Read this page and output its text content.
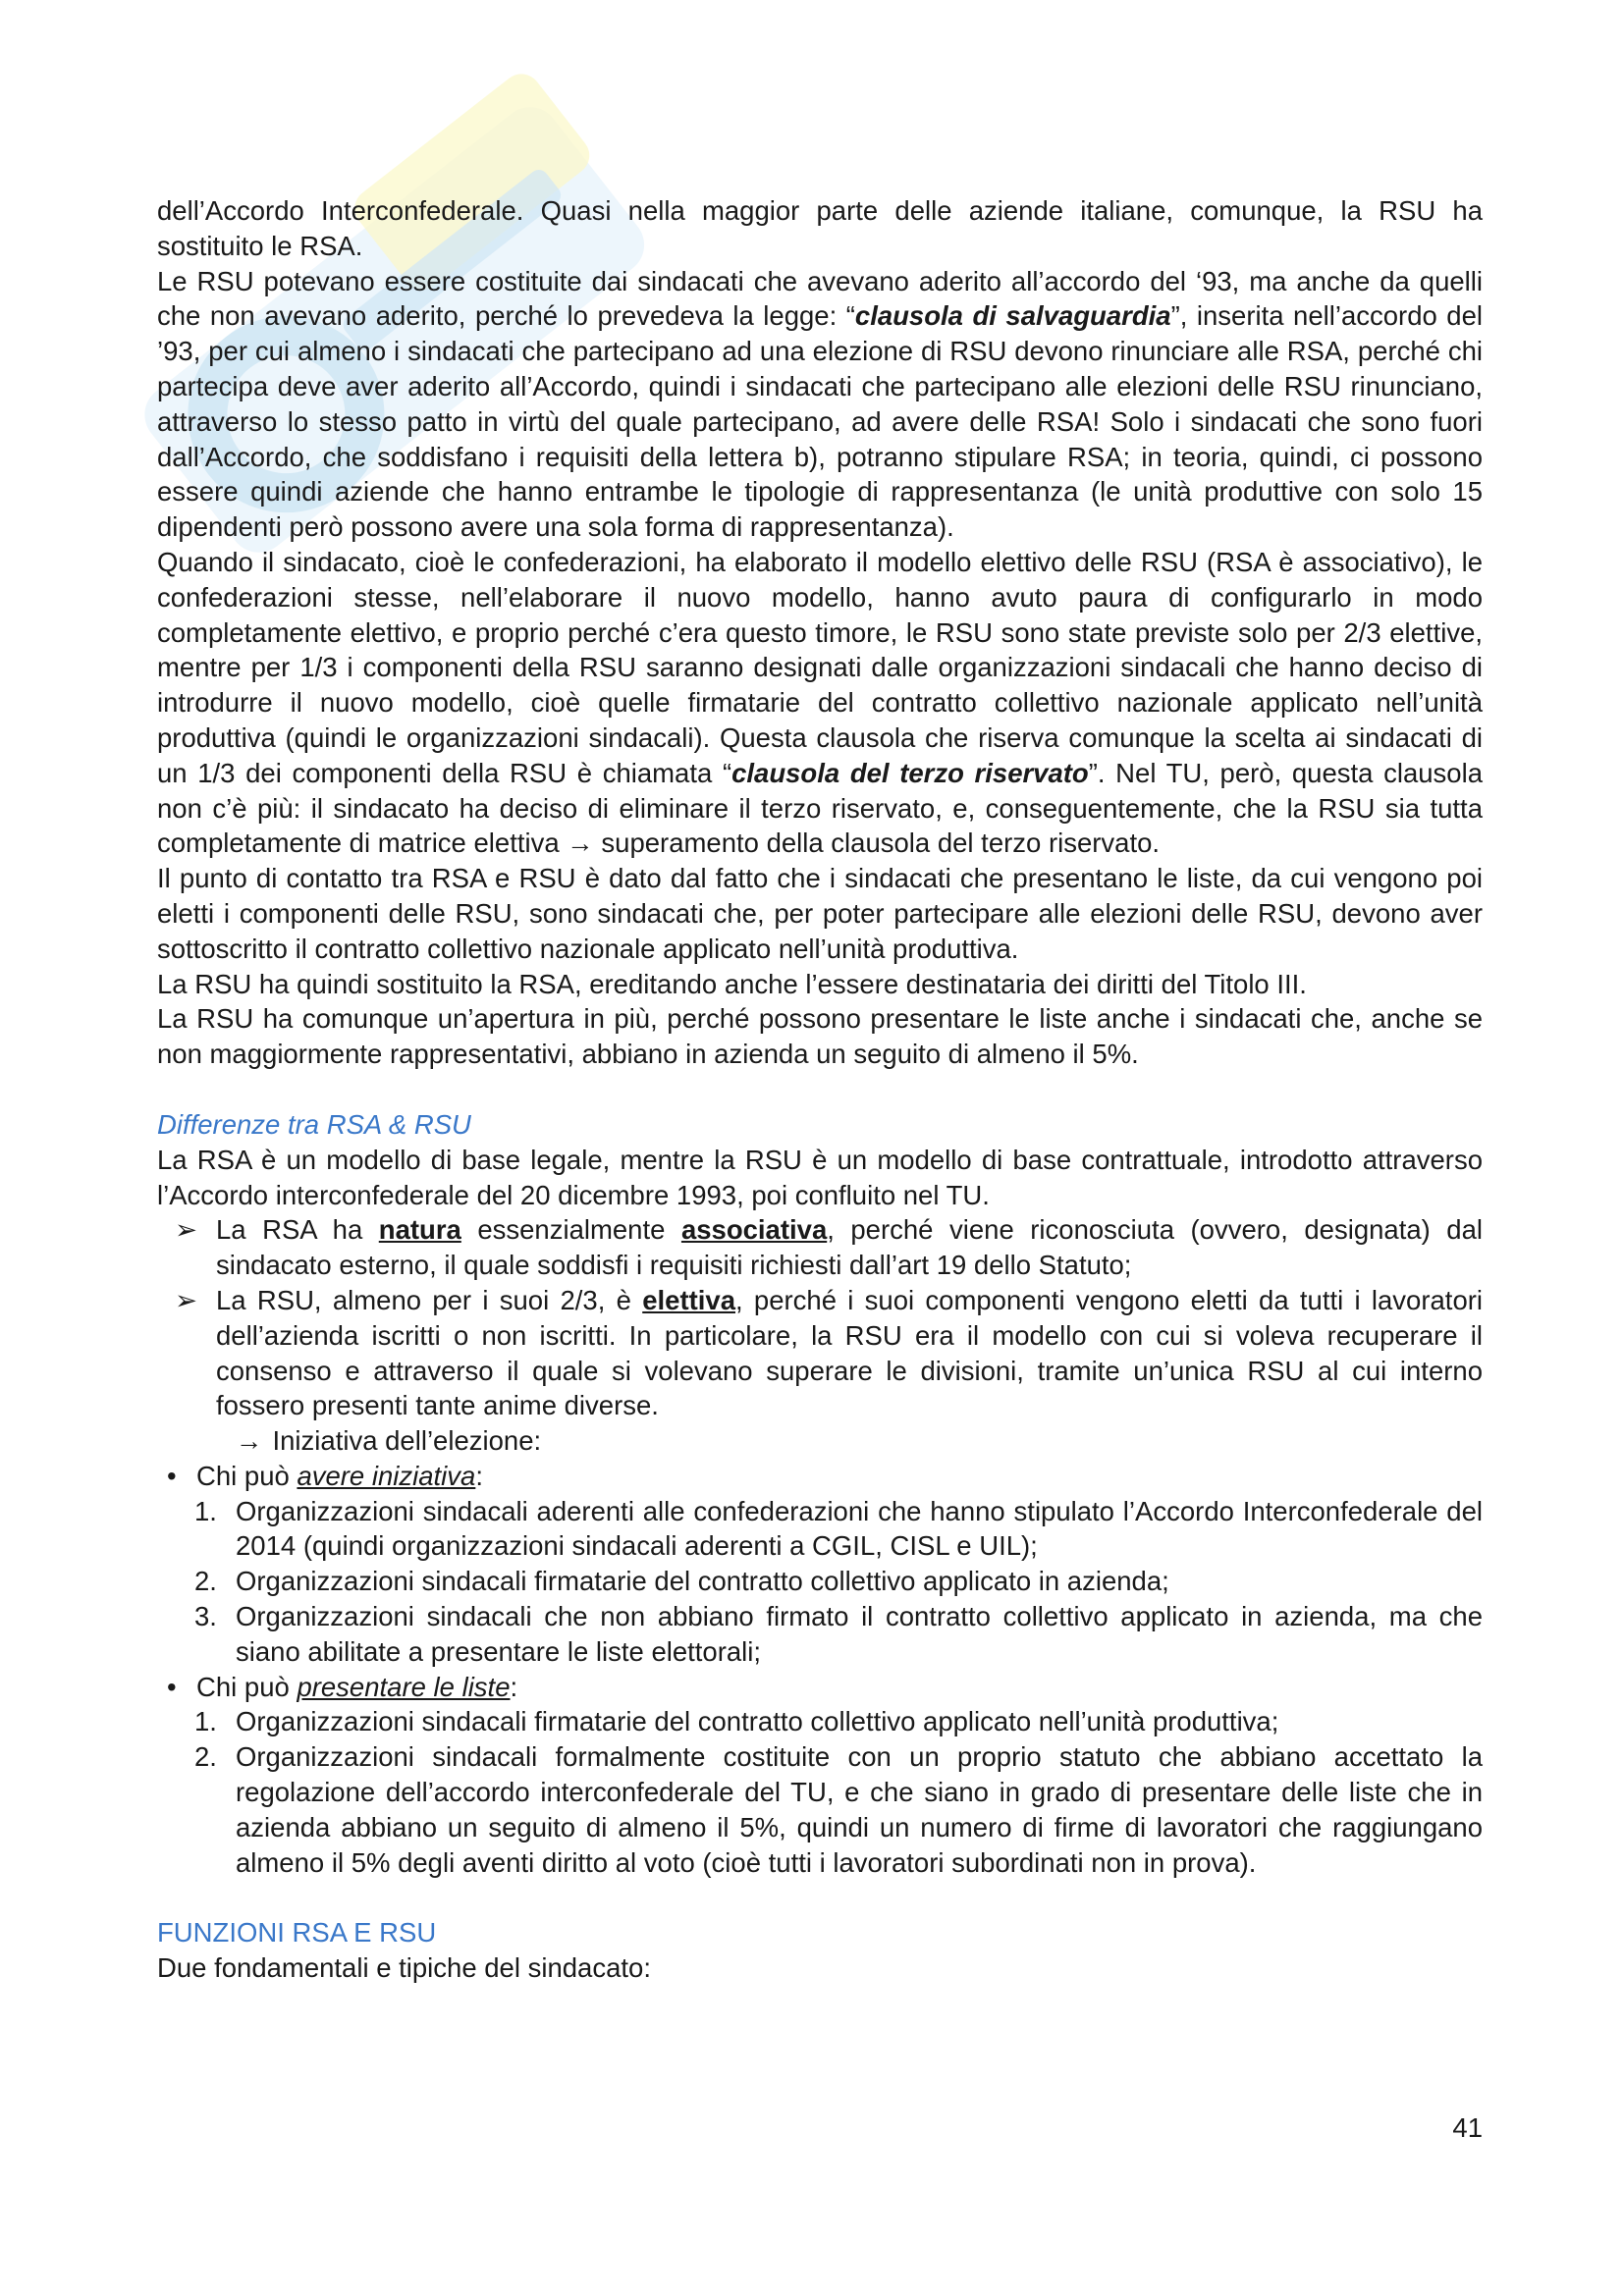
dell’Accordo Interconfederale. Quasi nella maggior parte delle aziende italiane, comunque, la RSU ha sostituito le RSA.

Le RSU potevano essere costituite dai sindacati che avevano aderito all’accordo del ‘93, ma anche da quelli che non avevano aderito, perché lo prevedeva la legge: “clausola di salvaguardia”, inserita nell’accordo del ’93, per cui almeno i sindacati che partecipano ad una elezione di RSU devono rinunciare alle RSA, perché chi partecipa deve aver aderito all’Accordo, quindi i sindacati che partecipano alle elezioni delle RSU rinunciano, attraverso lo stesso patto in virtù del quale partecipano, ad avere delle RSA! Solo i sindacati che sono fuori dall’Accordo, che soddisfano i requisiti della lettera b), potranno stipulare RSA; in teoria, quindi, ci possono essere quindi aziende che hanno entrambe le tipologie di rappresentanza (le unità produttive con solo 15 dipendenti però possono avere una sola forma di rappresentanza).

Quando il sindacato, cioè le confederazioni, ha elaborato il modello elettivo delle RSU (RSA è associativo), le confederazioni stesse, nell’elaborare il nuovo modello, hanno avuto paura di configurarlo in modo completamente elettivo, e proprio perché c’era questo timore, le RSU sono state previste solo per 2/3 elettive, mentre per 1/3 i componenti della RSU saranno designati dalle organizzazioni sindacali che hanno deciso di introdurre il nuovo modello, cioè quelle firmatarie del contratto collettivo nazionale applicato nell’unità produttiva (quindi le organizzazioni sindacali). Questa clausola che riserva comunque la scelta ai sindacati di un 1/3 dei componenti della RSU è chiamata “clausola del terzo riservato”. Nel TU, però, questa clausola non c’è più: il sindacato ha deciso di eliminare il terzo riservato, e, conseguentemente, che la RSU sia tutta completamente di matrice elettiva → superamento della clausola del terzo riservato.

Il punto di contatto tra RSA e RSU è dato dal fatto che i sindacati che presentano le liste, da cui vengono poi eletti i componenti delle RSU, sono sindacati che, per poter partecipare alle elezioni delle RSU, devono aver sottoscritto il contratto collettivo nazionale applicato nell’unità produttiva.

La RSU ha quindi sostituito la RSA, ereditando anche l’essere destinataria dei diritti del Titolo III.

La RSU ha comunque un’apertura in più, perché possono presentare le liste anche i sindacati che, anche se non maggiormente rappresentativi, abbiano in azienda un seguito di almeno il 5%.

Differenze tra RSA & RSU

La RSA è un modello di base legale, mentre la RSU è un modello di base contrattuale, introdotto attraverso l’Accordo interconfederale del 20 dicembre 1993, poi confluito nel TU.

➢ La RSA ha natura essenzialmente associativa, perché viene riconosciuta (ovvero, designata) dal sindacato esterno, il quale soddisfi i requisiti richiesti dall’art 19 dello Statuto;
➢ La RSU, almeno per i suoi 2/3, è elettiva, perché i suoi componenti vengono eletti da tutti i lavoratori dell’azienda iscritti o non iscritti. In particolare, la RSU era il modello con cui si voleva recuperare il consenso e attraverso il quale si volevano superare le divisioni, tramite un’unica RSU al cui interno fossero presenti tante anime diverse.
→ Iniziativa dell’elezione:
• Chi può avere iniziativa:
1. Organizzazioni sindacali aderenti alle confederazioni che hanno stipulato l’Accordo Interconfederale del 2014 (quindi organizzazioni sindacali aderenti a CGIL, CISL e UIL);
2. Organizzazioni sindacali firmatarie del contratto collettivo applicato in azienda;
3. Organizzazioni sindacali che non abbiano firmato il contratto collettivo applicato in azienda, ma che siano abilitate a presentare le liste elettorali;
• Chi può presentare le liste:
1. Organizzazioni sindacali firmatarie del contratto collettivo applicato nell’unità produttiva;
2. Organizzazioni sindacali formalmente costituite con un proprio statuto che abbiano accettato la regolazione dell’accordo interconfederale del TU, e che siano in grado di presentare delle liste che in azienda abbiano un seguito di almeno il 5%, quindi un numero di firme di lavoratori che raggiungano almeno il 5% degli aventi diritto al voto (cioè tutti i lavoratori subordinati non in prova).

FUNZIONI RSA E RSU

Due fondamentali e tipiche del sindacato:

41
